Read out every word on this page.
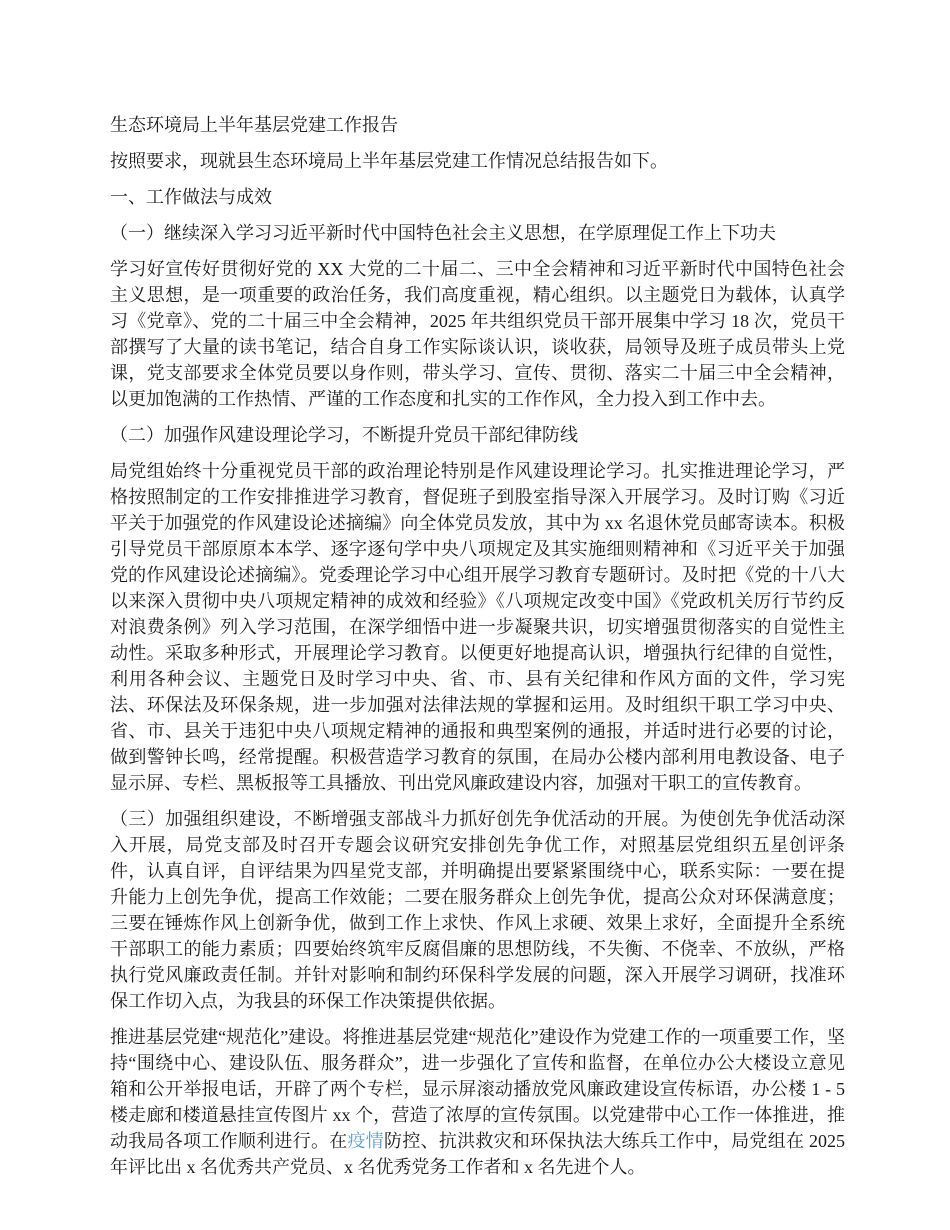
生态环境局上半年基层党建工作报告

按照要求，现就县生态环境局上半年基层党建工作情况总结报告如下。

一、工作做法与成效

（一）继续深入学习习近平新时代中国特色社会主义思想，在学原理促工作上下功夫

学习好宣传好贯彻好党的 XX 大党的二十届二、三中全会精神和习近平新时代中国特色社会主义思想，是一项重要的政治任务，我们高度重视，精心组织。以主题党日为载体，认真学习《党章》、党的二十届三中全会精神，2025 年共组织党员干部开展集中学习 18 次，党员干部撰写了大量的读书笔记，结合自身工作实际谈认识，谈收获，局领导及班子成员带头上党课，党支部要求全体党员要以身作则，带头学习、宣传、贯彻、落实二十届三中全会精神，以更加饱满的工作热情、严谨的工作态度和扎实的工作作风，全力投入到工作中去。

（二）加强作风建设理论学习，不断提升党员干部纪律防线

局党组始终十分重视党员干部的政治理论特别是作风建设理论学习。扎实推进理论学习，严格按照制定的工作安排推进学习教育，督促班子到股室指导深入开展学习。及时订购《习近平关于加强党的作风建设论述摘编》向全体党员发放，其中为 xx 名退休党员邮寄读本。积极引导党员干部原原本本学、逐字逐句学中央八项规定及其实施细则精神和《习近平关于加强党的作风建设论述摘编》。党委理论学习中心组开展学习教育专题研讨。及时把《党的十八大以来深入贯彻中央八项规定精神的成效和经验》《八项规定改变中国》《党政机关厉行节约反对浪费条例》列入学习范围，在深学细悟中进一步凝聚共识，切实增强贯彻落实的自觉性主动性。采取多种形式，开展理论学习教育。以便更好地提高认识，增强执行纪律的自觉性，利用各种会议、主题党日及时学习中央、省、市、县有关纪律和作风方面的文件，学习宪法、环保法及环保条规，进一步加强对法律法规的掌握和运用。及时组织干职工学习中央、省、市、县关于违犯中央八项规定精神的通报和典型案例的通报，并适时进行必要的讨论，做到警钟长鸣，经常提醒。积极营造学习教育的氛围，在局办公楼内部利用电教设备、电子显示屏、专栏、黑板报等工具播放、刊出党风廉政建设内容，加强对干职工的宣传教育。

（三）加强组织建设，不断增强支部战斗力抓好创先争优活动的开展。为使创先争优活动深入开展，局党支部及时召开专题会议研究安排创先争优工作，对照基层党组织五星创评条件，认真自评，自评结果为四星党支部，并明确提出要紧紧围绕中心，联系实际：一要在提升能力上创先争优，提高工作效能；二要在服务群众上创先争优，提高公众对环保满意度；三要在锤炼作风上创新争优，做到工作上求快、作风上求硬、效果上求好，全面提升全系统干部职工的能力素质；四要始终筑牢反腐倡廉的思想防线，不失衡、不侥幸、不放纵，严格执行党风廉政责任制。并针对影响和制约环保科学发展的问题，深入开展学习调研，找准环保工作切入点，为我县的环保工作决策提供依据。

推进基层党建“规范化”建设。将推进基层党建“规范化”建设作为党建工作的一项重要工作，坚持“围绕中心、建设队伍、服务群众”，进一步强化了宣传和监督，在单位办公大楼设立意见箱和公开举报电话，开辟了两个专栏，显示屏滚动播放党风廉政建设宣传标语，办公楼 1 - 5 楼走廊和楼道悬挂宣传图片 xx 个，营造了浓厚的宣传氛围。以党建带中心工作一体推进，推动我局各项工作顺利进行。在疫情防控、抗洪救灾和环保执法大练兵工作中，局党组在 2025 年评比出 x 名优秀共产党员、x 名优秀党务工作者和 x 名先进个人。
